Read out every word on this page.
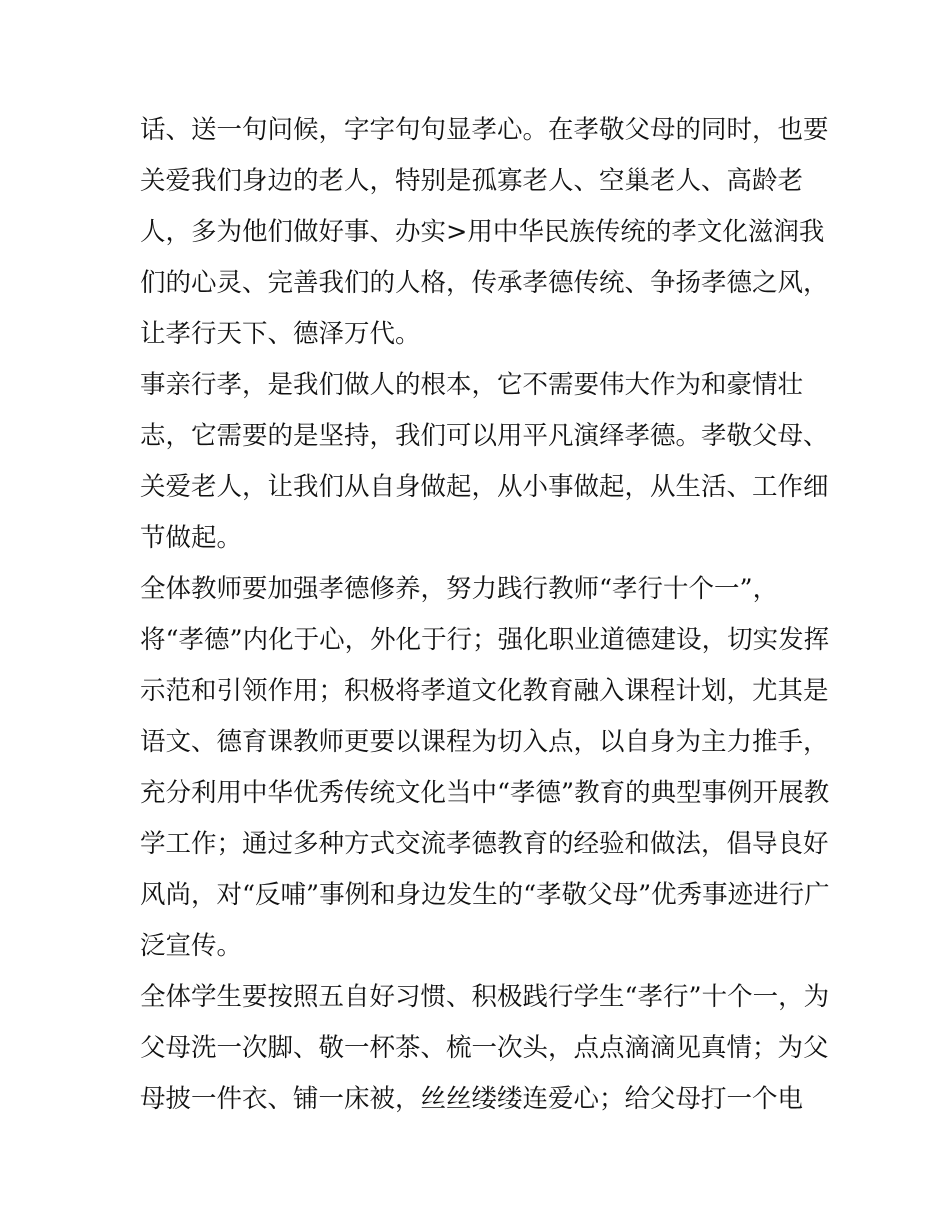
话、送一句问候，字字句句显孝心。在孝敬父母的同时，也要
关爱我们身边的老人，特别是孤寡老人、空巢老人、高龄老
人，多为他们做好事、办实>用中华民族传统的孝文化滋润我
们的心灵、完善我们的人格，传承孝德传统、争扬孝德之风，
让孝行天下、德泽万代。
事亲行孝，是我们做人的根本，它不需要伟大作为和豪情壮
志，它需要的是坚持，我们可以用平凡演绎孝德。孝敬父母、
关爱老人，让我们从自身做起，从小事做起，从生活、工作细
节做起。
全体教师要加强孝德修养，努力践行教师“孝行十个一”，
将“孝德”内化于心，外化于行；强化职业道德建设，切实发挥
示范和引领作用；积极将孝道文化教育融入课程计划，尤其是
语文、德育课教师更要以课程为切入点，以自身为主力推手，
充分利用中华优秀传统文化当中“孝德”教育的典型事例开展教
学工作；通过多种方式交流孝德教育的经验和做法，倡导良好
风尚，对“反哺”事例和身边发生的“孝敬父母”优秀事迹进行广
泛宣传。
全体学生要按照五自好习惯、积极践行学生“孝行”十个一，为
父母洗一次脚、敬一杯茶、梳一次头，点点滴滴见真情；为父
母披一件衣、铺一床被，丝丝缕缕连爱心；给父母打一个电
